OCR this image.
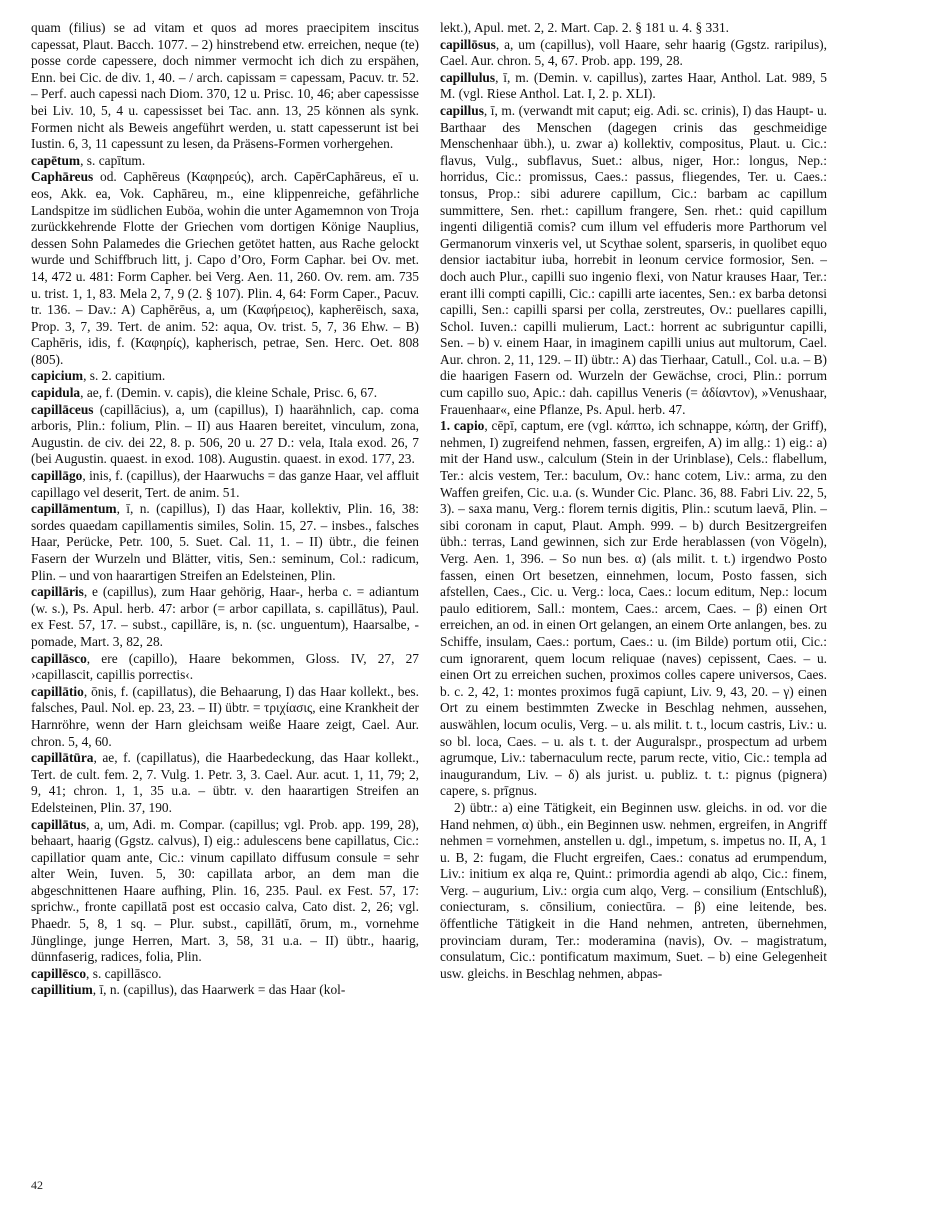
quam (filius) se ad vitam et quos ad mores praecipitem inscitus capessat, Plaut. Bacch. 1077. – 2) hinstrebend etw. erreichen, neque (te) posse corde capessere, doch nimmer vermocht ich dich zu erspähen, Enn. bei Cic. de div. 1, 40. – / arch. capissam = capessam, Pacuv. tr. 52. – Perf. auch capessi nach Diom. 370, 12 u. Prisc. 10, 46; aber capessisse bei Liv. 10, 5, 4 u. capessisset bei Tac. ann. 13, 25 können als synk. Formen nicht als Beweis angeführt werden, u. statt capesserunt ist bei Iustin. 6, 3, 11 capessunt zu lesen, da Präsens-Formen vorhergehen.

capētum, s. capītum.

Caphāreus od. Caphēreus (Καφηρεύς), arch. CapērCaphāreus, eī u. eos, Akk. ea, Vok. Caphāreu, m., eine klippenreiche, gefährliche Landspitze im südlichen Euböa, wohin die unter Agamemnon von Troja zurückkehrende Flotte der Griechen vom dortigen Könige Nauplius, dessen Sohn Palamedes die Griechen getötet hatten, aus Rache gelockt wurde und Schiffbruch litt, j. Capo d’Oro, Form Caphar. bei Ov. met. 14, 472 u. 481: Form Capher. bei Verg. Aen. 11, 260. Ov. rem. am. 735 u. trist. 1, 1, 83. Mela 2, 7, 9 (2. § 107). Plin. 4, 64: Form Caper., Pacuv. tr. 136. – Dav.: A) Caphērēus, a, um (Καφήρειος), kapherēisch, saxa, Prop. 3, 7, 39. Tert. de anim. 52: aqua, Ov. trist. 5, 7, 36 Ehw. – B) Caphēris, idis, f. (Καφηρίς), kapherisch, petrae, Sen. Herc. Oet. 808 (805).

capicium, s. 2. capitium.

capidula, ae, f. (Demin. v. capis), die kleine Schale, Prisc. 6, 67.

capillāceus (capillācius), a, um (capillus), I) haarähnlich, cap. coma arboris, Plin.: folium, Plin. – II) aus Haaren bereitet, vinculum, zona, Augustin. de civ. dei 22, 8. p. 506, 20 u. 27 D.: vela, Itala exod. 26, 7 (bei Augustin. quaest. in exod. 108). Augustin. quaest. in exod. 177, 23.

capillāgo, inis, f. (capillus), der Haarwuchs = das ganze Haar, vel affluit capillago vel deserit, Tert. de anim. 51.

capillāmentum, ī, n. (capillus), I) das Haar, kollektiv, Plin. 16, 38: sordes quaedam capillamentis similes, Solin. 15, 27. – insbes., falsches Haar, Perücke, Petr. 100, 5. Suet. Cal. 11, 1. – II) übtr., die feinen Fasern der Wurzeln und Blätter, vitis, Sen.: seminum, Col.: radicum, Plin. – und von haarartigen Streifen an Edelsteinen, Plin.

capillāris, e (capillus), zum Haar gehörig, Haar-, herba c. = adiantum (w. s.), Ps. Apul. herb. 47: arbor (= arbor capillata, s. capillātus), Paul. ex Fest. 57, 17. – subst., capillāre, is, n. (sc. unguentum), Haarsalbe, -pomade, Mart. 3, 82, 28.

capillāsco, ere (capillo), Haare bekommen, Gloss. IV, 27, 27 ›capillascit, capillis porrectis‹.

capillātio, ōnis, f. (capillatus), die Behaarung, I) das Haar kollekt., bes. falsches, Paul. Nol. ep. 23, 23. – II) übtr. = τριχίασις, eine Krankheit der Harnröhre, wenn der Harn gleichsam weiße Haare zeigt, Cael. Aur. chron. 5, 4, 60.

capillātūra, ae, f. (capillatus), die Haarbedeckung, das Haar kollekt., Tert. de cult. fem. 2, 7. Vulg. 1. Petr. 3, 3. Cael. Aur. acut. 1, 11, 79; 2, 9, 41; chron. 1, 1, 35 u.a. – übtr. v. den haarartigen Streifen an Edelsteinen, Plin. 37, 190.

capillātus, a, um, Adi. m. Compar. (capillus; vgl. Prob. app. 199, 28), behaart, haarig (Ggstz. calvus), I) eig.: adulescens bene capillatus, Cic.: capillatior quam ante, Cic.: vinum capillato diffusum consule = sehr alter Wein, Iuven. 5, 30: capillata arbor, an dem man die abgeschnittenen Haare aufhing, Plin. 16, 235. Paul. ex Fest. 57, 17: sprichw., fronte capillatā post est occasio calva, Cato dist. 2, 26; vgl. Phaedr. 5, 8, 1 sq. – Plur. subst., capillātī, ōrum, m., vornehme Jünglinge, junge Herren, Mart. 3, 58, 31 u.a. – II) übtr., haarig, dünnfaserig, radices, folia, Plin.

capillēsco, s. capillāsco.

capillitium, ī, n. (capillus), das Haarwerk = das Haar (kol-

lekt.), Apul. met. 2, 2. Mart. Cap. 2. § 181 u. 4. § 331.

capillōsus, a, um (capillus), voll Haare, sehr haarig (Ggstz. raripilus), Cael. Aur. chron. 5, 4, 67. Prob. app. 199, 28.

capillulus, ī, m. (Demin. v. capillus), zartes Haar, Anthol. Lat. 989, 5 M. (vgl. Riese Anthol. Lat. I, 2. p. XLI).

capillus, ī, m. (verwandt mit caput; eig. Adi. sc. crinis), I) das Haupt- u. Barthaar des Menschen (dagegen crinis das geschmeidige Menschenhaar übh.), u. zwar a) kollektiv, compositus, Plaut. u. Cic.: flavus, Vulg., subflavus, Suet.: albus, niger, Hor.: longus, Nep.: horridus, Cic.: promissus, Caes.: passus, fliegendes, Ter. u. Caes.: tonsus, Prop.: sibi adurere capillum, Cic.: barbam ac capillum summittere, Sen. rhet.: capillum frangere, Sen. rhet.: quid capillum ingenti diligentiā comis? cum illum vel effuderis more Parthorum vel Germanorum vinxeris vel, ut Scythae solent, sparseris, in quolibet equo densior iactabitur iuba, horrebit in leonum cervice formosior, Sen. – doch auch Plur., capilli suo ingenio flexi, von Natur krauses Haar, Ter.: erant illi compti capilli, Cic.: capilli arte iacentes, Sen.: ex barba detonsi capilli, Sen.: capilli sparsi per colla, zerstreutes, Ov.: puellares capilli, Schol. Iuven.: capilli mulierum, Lact.: horrent ac subriguntur capilli, Sen. – b) v. einem Haar, in imaginem capilli unius aut multorum, Cael. Aur. chron. 2, 11, 129. – II) übtr.: A) das Tierhaar, Catull., Col. u.a. – B) die haarigen Fasern od. Wurzeln der Gewächse, croci, Plin.: porrum cum capillo suo, Apic.: dah. capillus Veneris (= ἀδίαντον), »Venushaar, Frauenhaar«, eine Pflanze, Ps. Apul. herb. 47.

1. capio, cēpī, captum, ere (vgl. κάπτω, ich schnappe, κώπη, der Griff), nehmen, I) zugreifend nehmen, fassen, ergreifen, A) im allg.: 1) eig.: a) mit der Hand usw., calculum (Stein in der Urinblase), Cels.: flabellum, Ter.: alcis vestem, Ter.: baculum, Ov.: hanc cotem, Liv.: arma, zu den Waffen greifen, Cic. u.a. (s. Wunder Cic. Planc. 36, 88. Fabri Liv. 22, 5, 3). – saxa manu, Verg.: florem ternis digitis, Plin.: scutum laevā, Plin. – sibi coronam in caput, Plaut. Amph. 999. – b) durch Besitzergreifen übh.: terras, Land gewinnen, sich zur Erde herablassen (von Vögeln), Verg. Aen. 1, 396. – So nun bes. α) (als milit. t. t.) irgendwo Posto fassen, einen Ort besetzen, einnehmen, locum, Posto fassen, sich afstellen, Caes., Cic. u. Verg.: loca, Caes.: locum editum, Nep.: locum paulo editiorem, Sall.: montem, Caes.: arcem, Caes. – β) einen Ort erreichen, an od. in einen Ort gelangen, an einem Orte anlangen, bes. zu Schiffe, insulam, Caes.: portum, Caes.: u. (im Bilde) portum otii, Cic.: cum ignorarent, quem locum reliquae (naves) cepissent, Caes. – u. einen Ort zu erreichen suchen, proximos colles capere universos, Caes. b. c. 2, 42, 1: montes proximos fugā capiunt, Liv. 9, 43, 20. – γ) einen Ort zu einem bestimmten Zwecke in Beschlag nehmen, aussehen, auswählen, locum oculis, Verg. – u. als milit. t. t., locum castris, Liv.: u. so bl. loca, Caes. – u. als t. t. der Auguralspr., prospectum ad urbem agrumque, Liv.: tabernaculum recte, parum recte, vitio, Cic.: templa ad inaugurandum, Liv. – δ) als jurist. u. publiz. t. t.: pignus (pignera) capere, s. prīgnus.

2) übtr.: a) eine Tätigkeit, ein Beginnen usw. gleichs. in od. vor die Hand nehmen, α) übh., ein Beginnen usw. nehmen, ergreifen, in Angriff nehmen = vornehmen, anstellen u. dgl., impetum, s. impetus no. II, A, 1 u. B, 2: fugam, die Flucht ergreifen, Caes.: conatus ad erumpendum, Liv.: initium ex alqa re, Quint.: primordia agendi ab alqo, Cic.: finem, Verg. – augurium, Liv.: orgia cum alqo, Verg. – consilium (Entschluß), coniecturam, s. cōnsilium, coniectūra. – β) eine leitende, bes. öffentliche Tätigkeit in die Hand nehmen, antreten, übernehmen, provinciam duram, Ter.: moderamina (navis), Ov. – magistratum, consulatum, Cic.: pontificatum maximum, Suet. – b) eine Gelegenheit usw. gleichs. in Beschlag nehmen, abpas-

42
